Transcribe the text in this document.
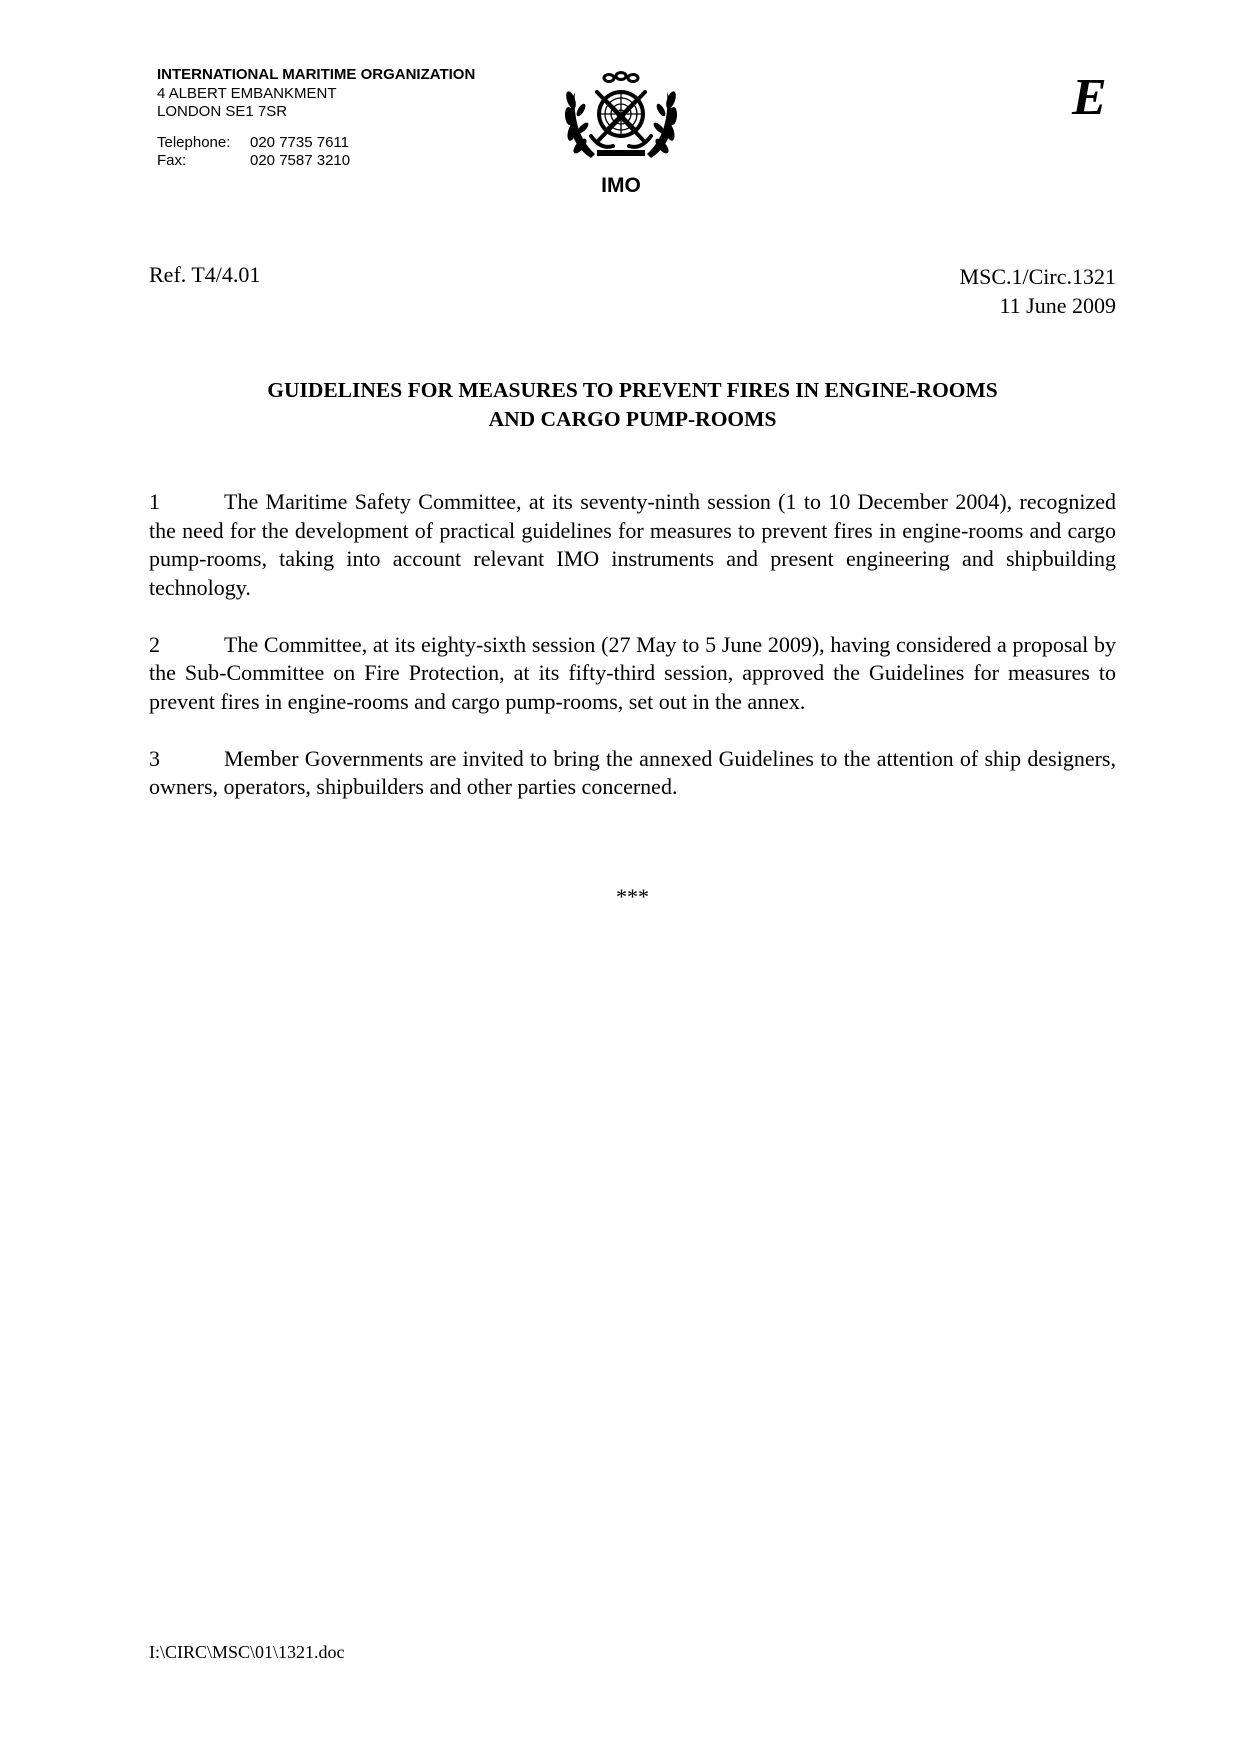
INTERNATIONAL MARITIME ORGANIZATION
4 ALBERT EMBANKMENT
LONDON SE1 7SR
Telephone:	020 7735 7611
Fax:	020 7587 3210
IMO
E
Ref. T4/4.01	MSC.1/Circ.1321
11 June 2009
GUIDELINES FOR MEASURES TO PREVENT FIRES IN ENGINE-ROOMS
AND CARGO PUMP-ROOMS

1	The Maritime Safety Committee, at its seventy-ninth session (1 to 10 December 2004), recognized the need for the development of practical guidelines for measures to prevent fires in engine-rooms and cargo pump-rooms, taking into account relevant IMO instruments and present engineering and shipbuilding technology.

2	The Committee, at its eighty-sixth session (27 May to 5 June 2009), having considered a proposal by the Sub-Committee on Fire Protection, at its fifty-third session, approved the Guidelines for measures to prevent fires in engine-rooms and cargo pump-rooms, set out in the annex.

3	Member Governments are invited to bring the annexed Guidelines to the attention of ship designers, owners, operators, shipbuilders and other parties concerned.

***
I:\CIRC\MSC\01\1321.doc
